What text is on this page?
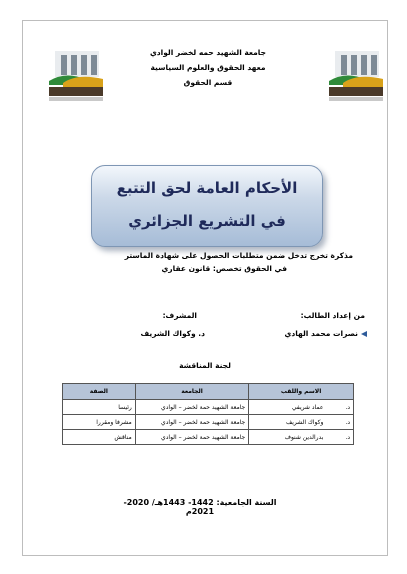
جامعة الشهيد حمه لخضر الوادي
معهد الحقوق والعلوم السياسية
قسم الحقوق
الأحكام العامة لحق التتبع
في التشريع الجزائري
مذكرة تخرج تدخل ضمن متطلبات الحصول على شهادة الماستر
في الحقوق تخصص: قانون عقاري
من إعداد الطالب:
المشرف:
نصرات محمد الهادي
د. وكواك الشريف
لجنة المناقشة
الاسم واللقب	الجامعة	الصفة
د.عماد شريفي	جامعة الشهيد حمة لخضر – الوادي	رئيسا
د.وكواك الشريف	جامعة الشهيد حمة لخضر – الوادي	مشرفا ومقررا
د.بدرالدين شنوف	جامعة الشهيد حمة لخضر – الوادي	مناقش
السنة الجامعية: 1442- 1443هـ/ 2020- 2021م
